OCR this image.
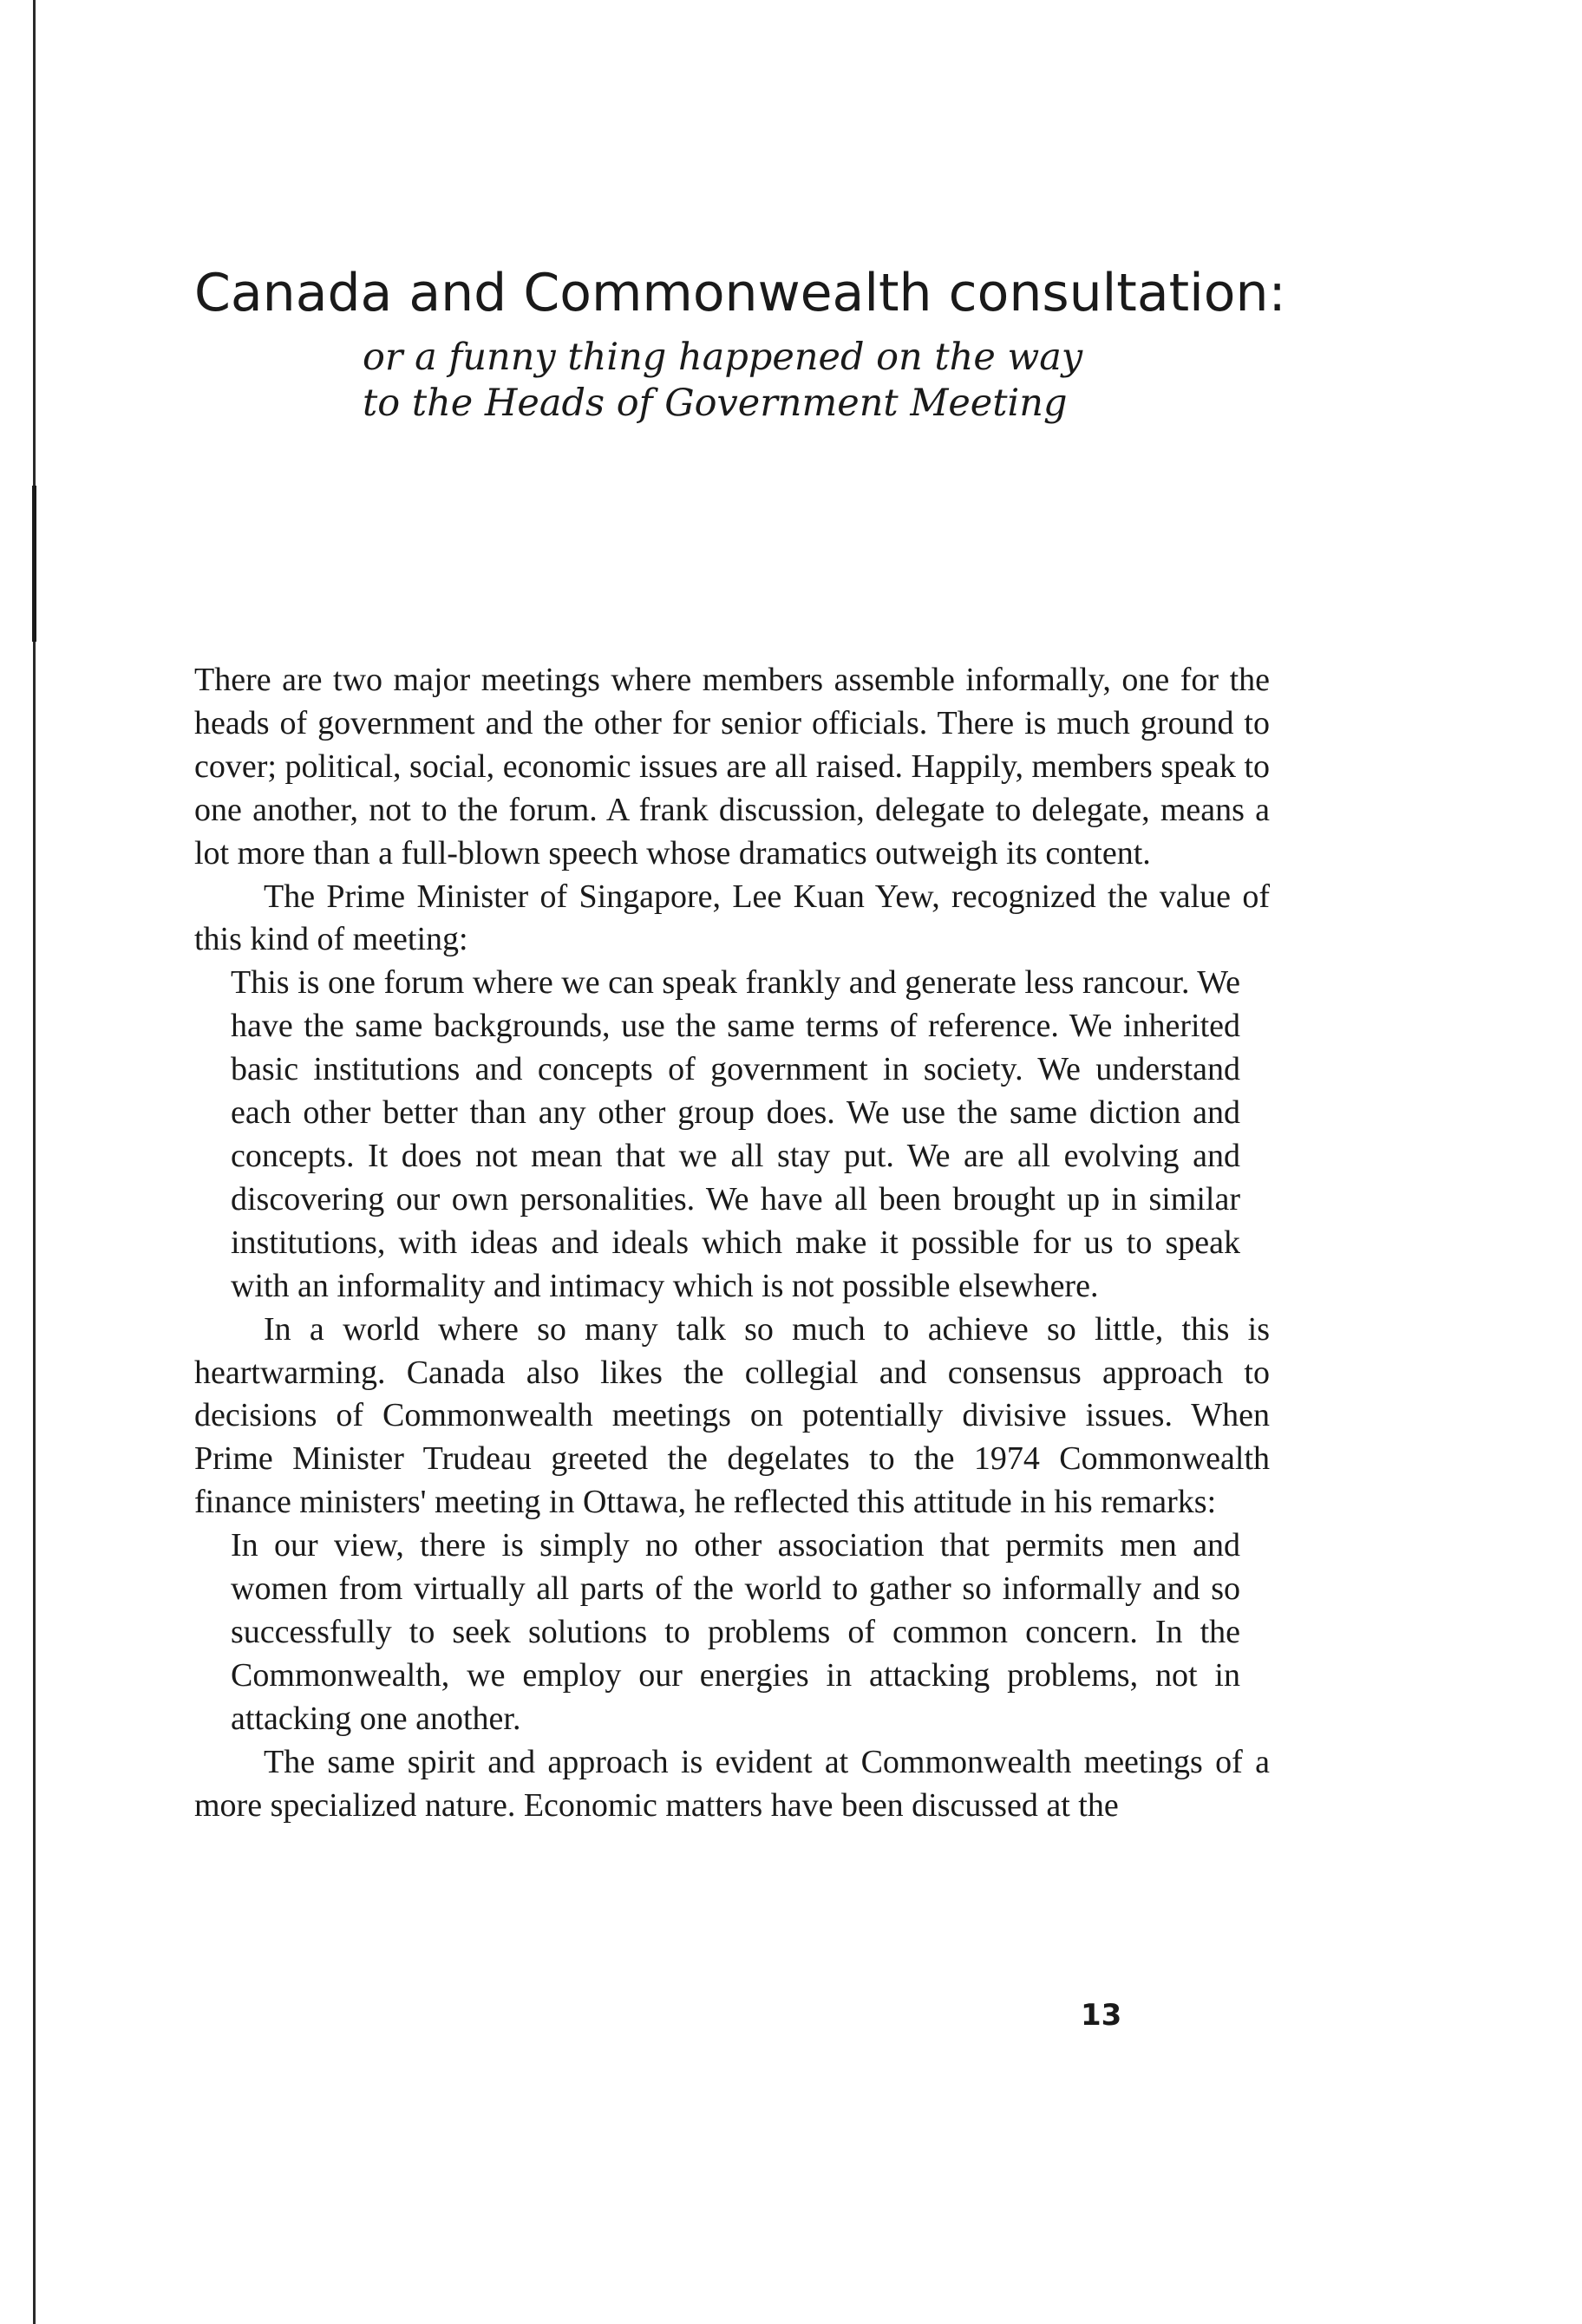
Canada and Commonwealth consultation:
or a funny thing happened on the way
to the Heads of Government Meeting

There are two major meetings where members assemble informally, one for the heads of government and the other for senior officials. There is much ground to cover; political, social, economic issues are all raised. Happily, members speak to one another, not to the forum. A frank discussion, delegate to delegate, means a lot more than a full-blown speech whose dramatics outweigh its content.

The Prime Minister of Singapore, Lee Kuan Yew, recognized the value of this kind of meeting:

This is one forum where we can speak frankly and generate less rancour. We have the same backgrounds, use the same terms of reference. We inherited basic institutions and concepts of government in society. We understand each other better than any other group does. We use the same diction and concepts. It does not mean that we all stay put. We are all evolving and discovering our own personalities. We have all been brought up in similar institutions, with ideas and ideals which make it possible for us to speak with an informality and intimacy which is not possible elsewhere.

In a world where so many talk so much to achieve so little, this is heartwarming. Canada also likes the collegial and consensus approach to decisions of Commonwealth meetings on potentially divisive issues. When Prime Minister Trudeau greeted the degelates to the 1974 Commonwealth finance ministers' meeting in Ottawa, he reflected this attitude in his remarks:

In our view, there is simply no other association that permits men and women from virtually all parts of the world to gather so informally and so successfully to seek solutions to problems of common concern. In the Commonwealth, we employ our energies in attacking problems, not in attacking one another.

The same spirit and approach is evident at Commonwealth meetings of a more specialized nature. Economic matters have been discussed at the

13
